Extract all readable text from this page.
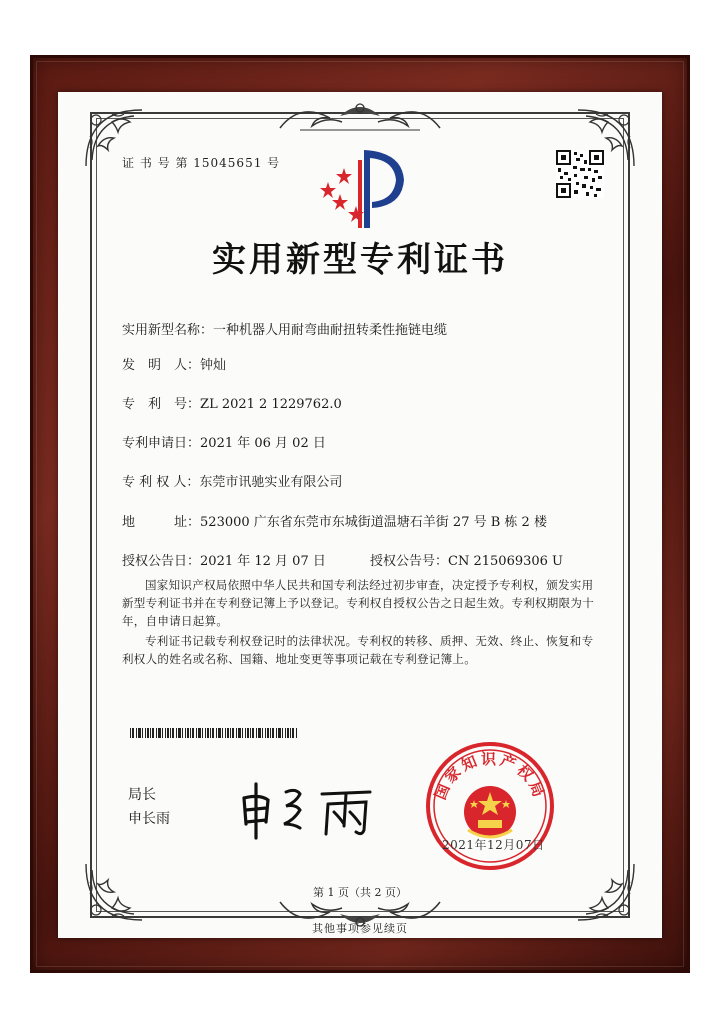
证 书 号 第 15045651 号
实用新型专利证书
实用新型名称：一种机器人用耐弯曲耐扭转柔性拖链电缆
发　明　人：钟灿
专　利　号：ZL 2021 2 1229762.0
专利申请日：2021 年 06 月 02 日
专 利 权 人：东莞市讯驰实业有限公司
地　　　址：523000 广东省东莞市东城街道温塘石羊街 27 号 B 栋 2 楼
授权公告日：2021 年 12 月 07 日	授权公告号：CN 215069306 U
国家知识产权局依照中华人民共和国专利法经过初步审查，决定授予专利权，颁发实用新型专利证书并在专利登记簿上予以登记。专利权自授权公告之日起生效。专利权期限为十年，自申请日起算。
专利证书记载专利权登记时的法律状况。专利权的转移、质押、无效、终止、恢复和专利权人的姓名或名称、国籍、地址变更等事项记载在专利登记簿上。
局长
申长雨
国家知识产权局
2021年12月07日
第 1 页（共 2 页）
其他事项参见续页
